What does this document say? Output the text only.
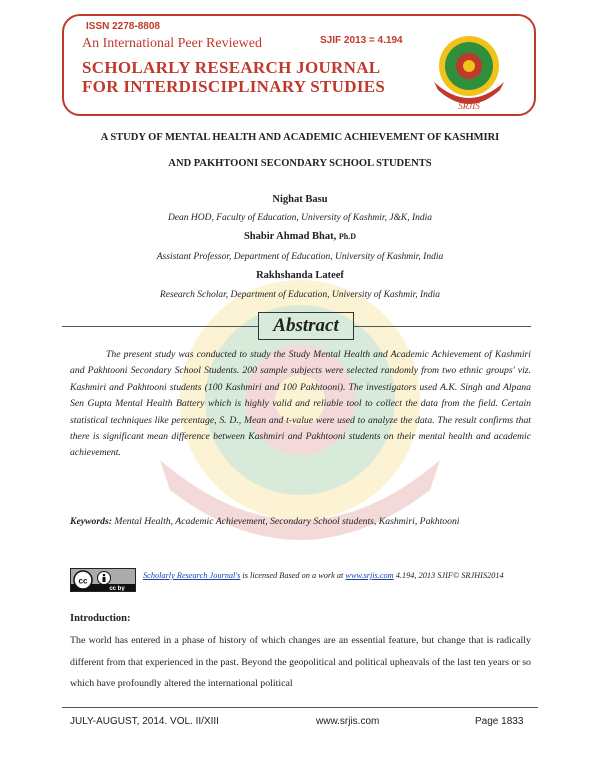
ISSN 2278-8808
An International Peer Reviewed	SJIF 2013 = 4.194
SCHOLARLY RESEARCH JOURNAL
FOR INTERDISCIPLINARY STUDIES
SRJIS
A STUDY OF MENTAL HEALTH AND ACADEMIC ACHIEVEMENT OF KASHMIRI
AND PAKHTOONI SECONDARY SCHOOL STUDENTS
Nighat Basu
Dean HOD, Faculty of Education, University of Kashmir, J&K, India
Shabir Ahmad Bhat, Ph.D
Assistant Professor, Department of Education, University of Kashmir, India
Rakhshanda Lateef
Research Scholar, Department of Education, University of Kashmir, India
Abstract
The present study was conducted to study the Study Mental Health and Academic Achievement of Kashmiri and Pakhtooni Secondary School Students. 200 sample subjects were selected randomly from two ethnic groups' viz. Kashmiri and Pakhtooni students (100 Kashmiri and 100 Pakhtooni). The investigators used A.K. Singh and Alpana Sen Gupta Mental Health Battery which is highly valid and reliable tool to collect the data from the field. Certain statistical techniques like percentage, S. D., Mean and t-value were used to analyze the data. The result confirms that there is significant mean difference between Kashmiri and Pakhtooni students on their mental health and academic achievement.
Keywords: Mental Health, Academic Achievement, Secondary School students, Kashmiri, Pakhtooni
cc
cc by
Scholarly Research Journal's is licensed Based on a work at www.srjis.com 4.194, 2013 SJIF© SRJHIS2014
Introduction:
The world has entered in a phase of history of which changes are an essential feature, but change that is radically different from that experienced in the past. Beyond the geopolitical and political upheavals of the last ten years or so which have profoundly altered the international political
JULY-AUGUST, 2014. VOL. II/XIII	www.srjis.com	Page 1833
